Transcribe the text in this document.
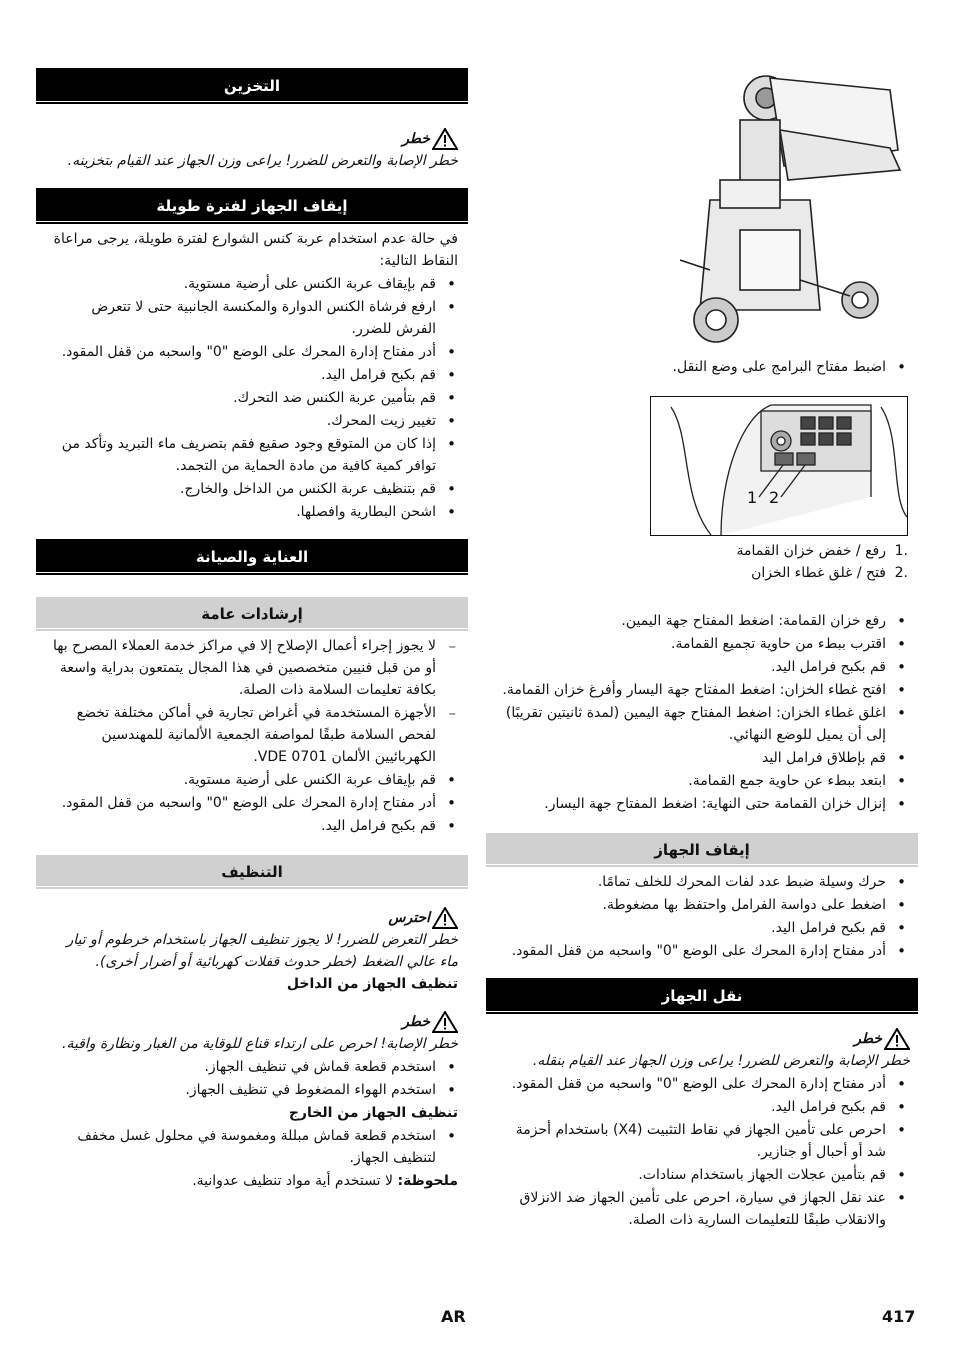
التخزين
خطر
خطر الإصابة والتعرض للضرر! يراعى وزن الجهاز عند القيام بتخزينه.
إيقاف الجهاز لفترة طويلة
في حالة عدم استخدام عربة كنس الشوارع لفترة طويلة، يرجى مراعاة النقاط التالية:
• قم بإيقاف عربة الكنس على أرضية مستوية.
• ارفع فرشاة الكنس الدوارة والمكنسة الجانبية حتى لا تتعرض الفرش للضرر.
• أدر مفتاح إدارة المحرك على الوضع "0" واسحبه من قفل المقود.
• قم بكبح فرامل اليد.
• قم بتأمين عربة الكنس ضد التحرك.
• تغيير زيت المحرك.
• إذا كان من المتوقع وجود صقيع فقم بتصريف ماء التبريد وتأكد من توافر كمية كافية من مادة الحماية من التجمد.
• قم بتنظيف عربة الكنس من الداخل والخارج.
• اشحن البطارية وافصلها.
العناية والصيانة
إرشادات عامة
– لا يجوز إجراء أعمال الإصلاح إلا في مراكز خدمة العملاء المصرح بها أو من قبل فنيين متخصصين في هذا المجال يتمتعون بدراية واسعة بكافة تعليمات السلامة ذات الصلة.
– الأجهزة المستخدمة في أغراض تجارية في أماكن مختلفة تخضع لفحص السلامة طبقًا لمواصفة الجمعية الألمانية للمهندسين الكهربائيين الألمان VDE 0701.
• قم بإيقاف عربة الكنس على أرضية مستوية.
• أدر مفتاح إدارة المحرك على الوضع "0" واسحبه من قفل المقود.
• قم بكبح فرامل اليد.
التنظيف
احترس
خطر التعرض للضرر! لا يجوز تنظيف الجهاز باستخدام خرطوم أو تيار ماء عالي الضغط (خطر حدوث قفلات كهربائية أو أضرار أخرى).
تنظيف الجهاز من الداخل
خطر
خطر الإصابة! احرص على ارتداء قناع للوقاية من الغبار ونظارة واقية.
• استخدم قطعة قماش في تنظيف الجهاز.
• استخدم الهواء المضغوط في تنظيف الجهاز.
تنظيف الجهاز من الخارج
• استخدم قطعة قماش مبللة ومغموسة في محلول غسل مخفف لتنظيف الجهاز.
ملحوظة: لا تستخدم أية مواد تنظيف عدوانية.
• اضبط مفتاح البرامج على وضع النقل.
1 2
1.
رفع / خفض خزان القمامة
2.
فتح / غلق غطاء الخزان
• رفع خزان القمامة: اضغط المفتاح جهة اليمين.
• اقترب ببطء من حاوية تجميع القمامة.
• قم بكبح فرامل اليد.
• افتح غطاء الخزان: اضغط المفتاح جهة اليسار وأفرغ خزان القمامة.
• اغلق غطاء الخزان: اضغط المفتاح جهة اليمين (لمدة ثانيتين تقريبًا) إلى أن يميل للوضع النهائي.
• قم بإطلاق فرامل اليد
• ابتعد ببطء عن حاوية جمع القمامة.
• إنزال خزان القمامة حتى النهاية: اضغط المفتاح جهة اليسار.
إيقاف الجهاز
• حرك وسيلة ضبط عدد لفات المحرك للخلف تمامًا.
• اضغط على دواسة الفرامل واحتفظ بها مضغوطة.
• قم بكبح فرامل اليد.
• أدر مفتاح إدارة المحرك على الوضع "0" واسحبه من قفل المقود.
نقل الجهاز
خطر
خطر الإصابة والتعرض للضرر! يراعى وزن الجهاز عند القيام بنقله.
• أدر مفتاح إدارة المحرك على الوضع "0" واسحبه من قفل المقود.
• قم بكبح فرامل اليد.
• احرص على تأمين الجهاز في نقاط التثبيت (X4) باستخدام أحزمة شد أو أحبال أو جنازير.
• قم بتأمين عجلات الجهاز باستخدام سنادات.
• عند نقل الجهاز في سيارة، احرص على تأمين الجهاز ضد الانزلاق والانقلاب طبقًا للتعليمات السارية ذات الصلة.
AR	417
